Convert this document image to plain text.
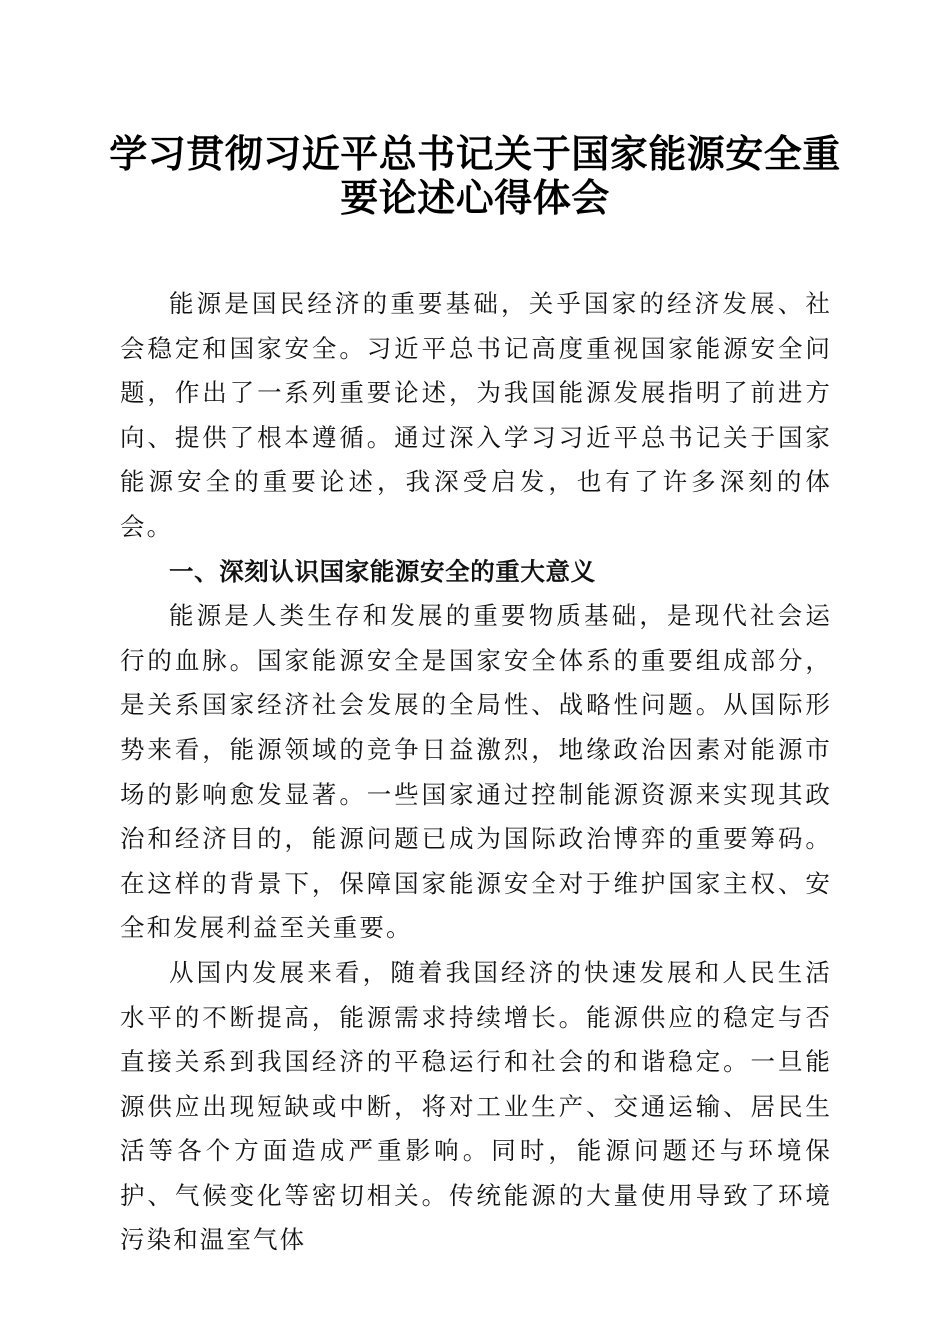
学习贯彻习近平总书记关于国家能源安全重要论述心得体会

能源是国民经济的重要基础，关乎国家的经济发展、社会稳定和国家安全。习近平总书记高度重视国家能源安全问题，作出了一系列重要论述，为我国能源发展指明了前进方向、提供了根本遵循。通过深入学习习近平总书记关于国家能源安全的重要论述，我深受启发，也有了许多深刻的体会。

一、深刻认识国家能源安全的重大意义

能源是人类生存和发展的重要物质基础，是现代社会运行的血脉。国家能源安全是国家安全体系的重要组成部分，是关系国家经济社会发展的全局性、战略性问题。从国际形势来看，能源领域的竞争日益激烈，地缘政治因素对能源市场的影响愈发显著。一些国家通过控制能源资源来实现其政治和经济目的，能源问题已成为国际政治博弈的重要筹码。在这样的背景下，保障国家能源安全对于维护国家主权、安全和发展利益至关重要。

从国内发展来看，随着我国经济的快速发展和人民生活水平的不断提高，能源需求持续增长。能源供应的稳定与否直接关系到我国经济的平稳运行和社会的和谐稳定。一旦能源供应出现短缺或中断，将对工业生产、交通运输、居民生活等各个方面造成严重影响。同时，能源问题还与环境保护、气候变化等密切相关。传统能源的大量使用导致了环境污染和温室气体
